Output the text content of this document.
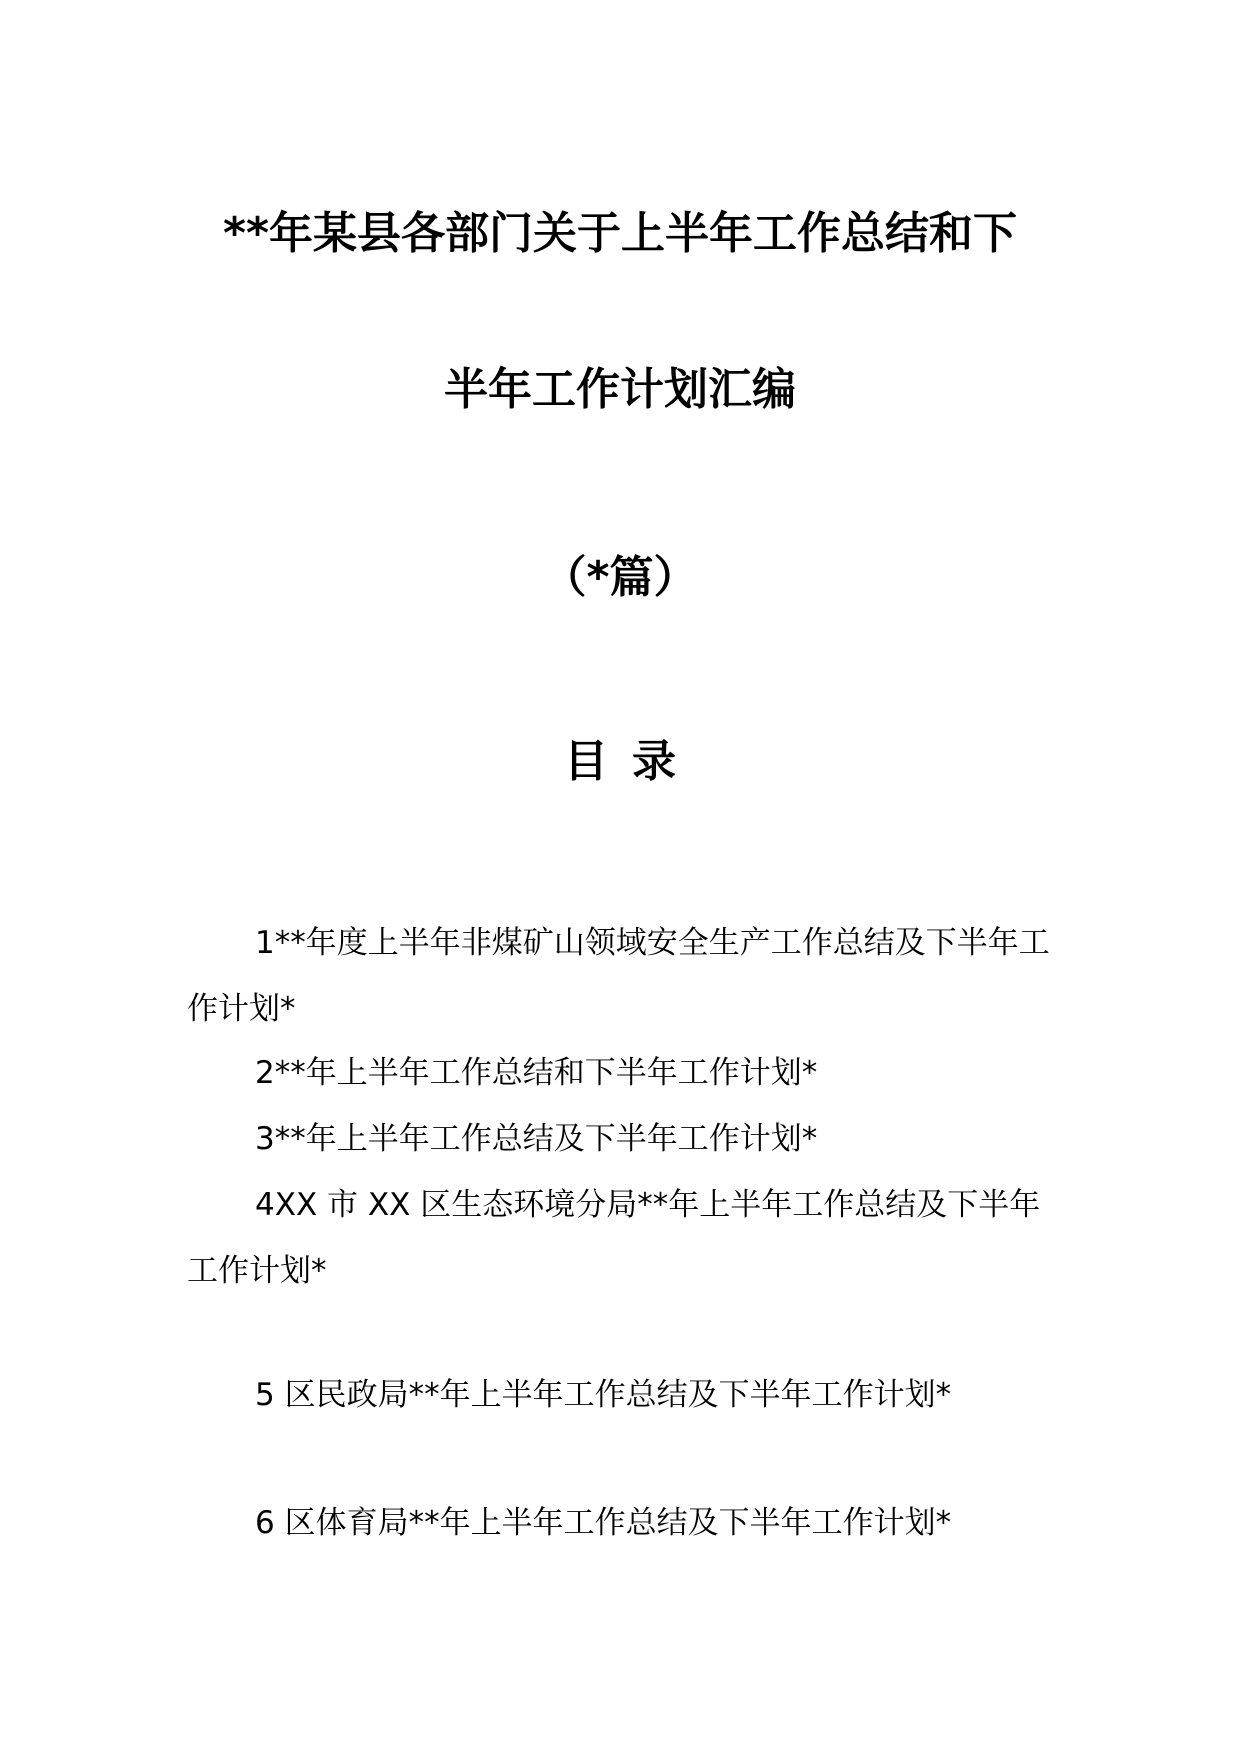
**年某县各部门关于上半年工作总结和下
半年工作计划汇编
（*篇）
目录

1**年度上半年非煤矿山领域安全生产工作总结及下半年工作计划*

2**年上半年工作总结和下半年工作计划*

3**年上半年工作总结及下半年工作计划*

4XX 市 XX 区生态环境分局**年上半年工作总结及下半年工作计划*

5 区民政局**年上半年工作总结及下半年工作计划*

6 区体育局**年上半年工作总结及下半年工作计划*
